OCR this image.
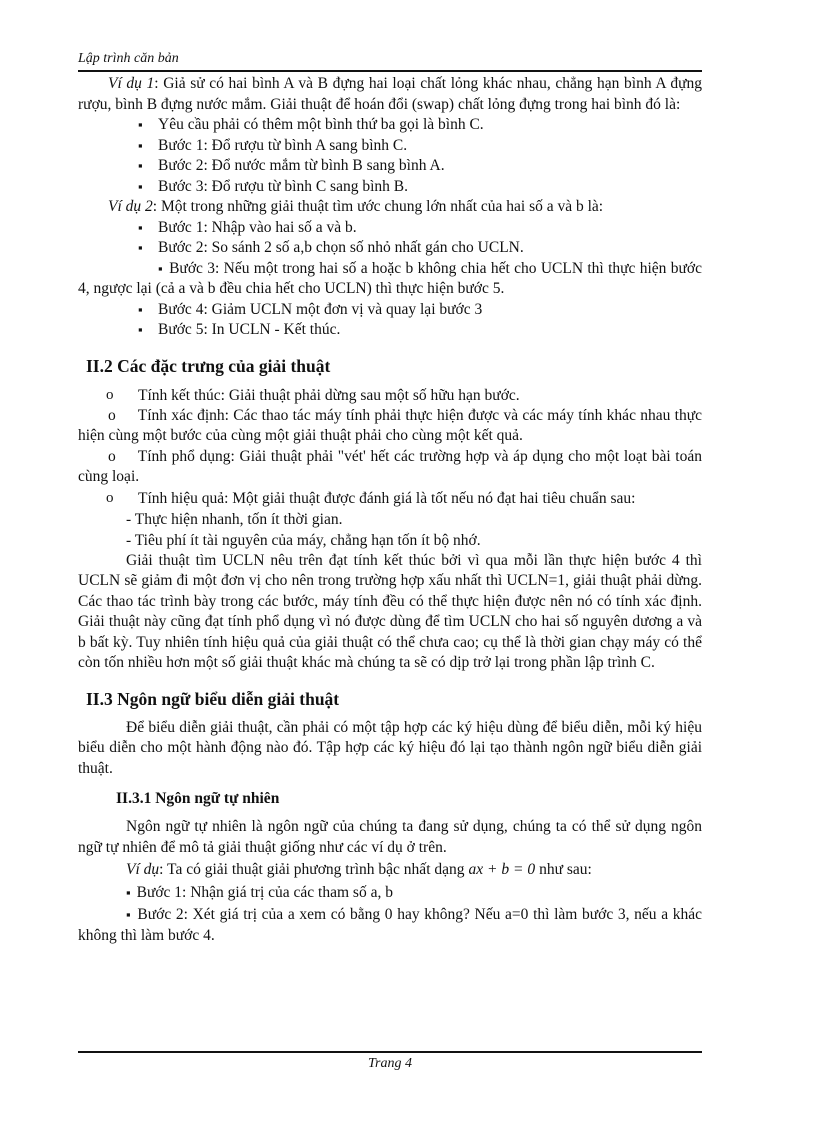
Lập trình căn bản

Ví dụ 1: Giả sử có hai bình A và B đựng hai loại chất lỏng khác nhau, chẳng hạn bình A đựng rượu, bình B đựng nước mắm. Giải thuật để hoán đổi (swap) chất lỏng đựng trong hai bình đó là:

▪ Yêu cầu phải có thêm một bình thứ ba gọi là bình C.
▪ Bước 1: Đổ rượu từ bình A sang bình C.
▪ Bước 2: Đổ nước mắm từ bình B sang bình A.
▪ Bước 3: Đổ rượu từ bình C sang bình B.

Ví dụ 2: Một trong những giải thuật tìm ước chung lớn nhất của hai số a và b là:

▪ Bước 1: Nhập vào hai số a và b.
▪ Bước 2: So sánh 2 số a,b chọn số nhỏ nhất gán cho UCLN.

▪ Bước 3: Nếu một trong hai số a hoặc b không chia hết cho UCLN thì thực hiện bước 4, ngược lại (cả a và b đều chia hết cho UCLN) thì thực hiện bước 5.

▪ Bước 4: Giảm UCLN một đơn vị và quay lại bước 3
▪ Bước 5: In UCLN - Kết thúc.
II.2 Các đặc trưng của giải thuật
o Tính kết thúc: Giải thuật phải dừng sau một số hữu hạn bước.

o Tính xác định: Các thao tác máy tính phải thực hiện được và các máy tính khác nhau thực hiện cùng một bước của cùng một giải thuật phải cho cùng một kết quả.

o Tính phổ dụng: Giải thuật phải "vét' hết các trường hợp và áp dụng cho một loạt bài toán cùng loại.

o Tính hiệu quả: Một giải thuật được đánh giá là tốt nếu nó đạt hai tiêu chuẩn sau:
- Thực hiện nhanh, tốn ít thời gian.
- Tiêu phí ít tài nguyên của máy, chẳng hạn tốn ít bộ nhớ.

Giải thuật tìm UCLN nêu trên đạt tính kết thúc bởi vì qua mỗi lần thực hiện bước 4 thì UCLN sẽ giảm đi một đơn vị cho nên trong trường hợp xấu nhất thì UCLN=1, giải thuật phải dừng. Các thao tác trình bày trong các bước, máy tính đều có thể thực hiện được nên nó có tính xác định. Giải thuật này cũng đạt tính phổ dụng vì nó được dùng để tìm UCLN cho hai số nguyên dương a và b bất kỳ. Tuy nhiên tính hiệu quả của giải thuật có thể chưa cao; cụ thể là thời gian chạy máy có thể còn tốn nhiều hơn một số giải thuật khác mà chúng ta sẽ có dịp trở lại trong phần lập trình C.

II.3 Ngôn ngữ biểu diễn giải thuật

Để biểu diễn giải thuật, cần phải có một tập hợp các ký hiệu dùng để biểu diễn, mỗi ký hiệu biểu diễn cho một hành động nào đó. Tập hợp các ký hiệu đó lại tạo thành ngôn ngữ biểu diễn giải thuật.

II.3.1 Ngôn ngữ tự nhiên

Ngôn ngữ tự nhiên là ngôn ngữ của chúng ta đang sử dụng, chúng ta có thể sử dụng ngôn ngữ tự nhiên để mô tả giải thuật giống như các ví dụ ở trên.

Ví dụ: Ta có giải thuật giải phương trình bậc nhất dạng ax + b = 0 như sau:

▪ Bước 1: Nhận giá trị của các tham số a, b

▪ Bước 2: Xét giá trị của a xem có bằng 0 hay không? Nếu a=0 thì làm bước 3, nếu a khác không thì làm bước 4.

Trang 4
